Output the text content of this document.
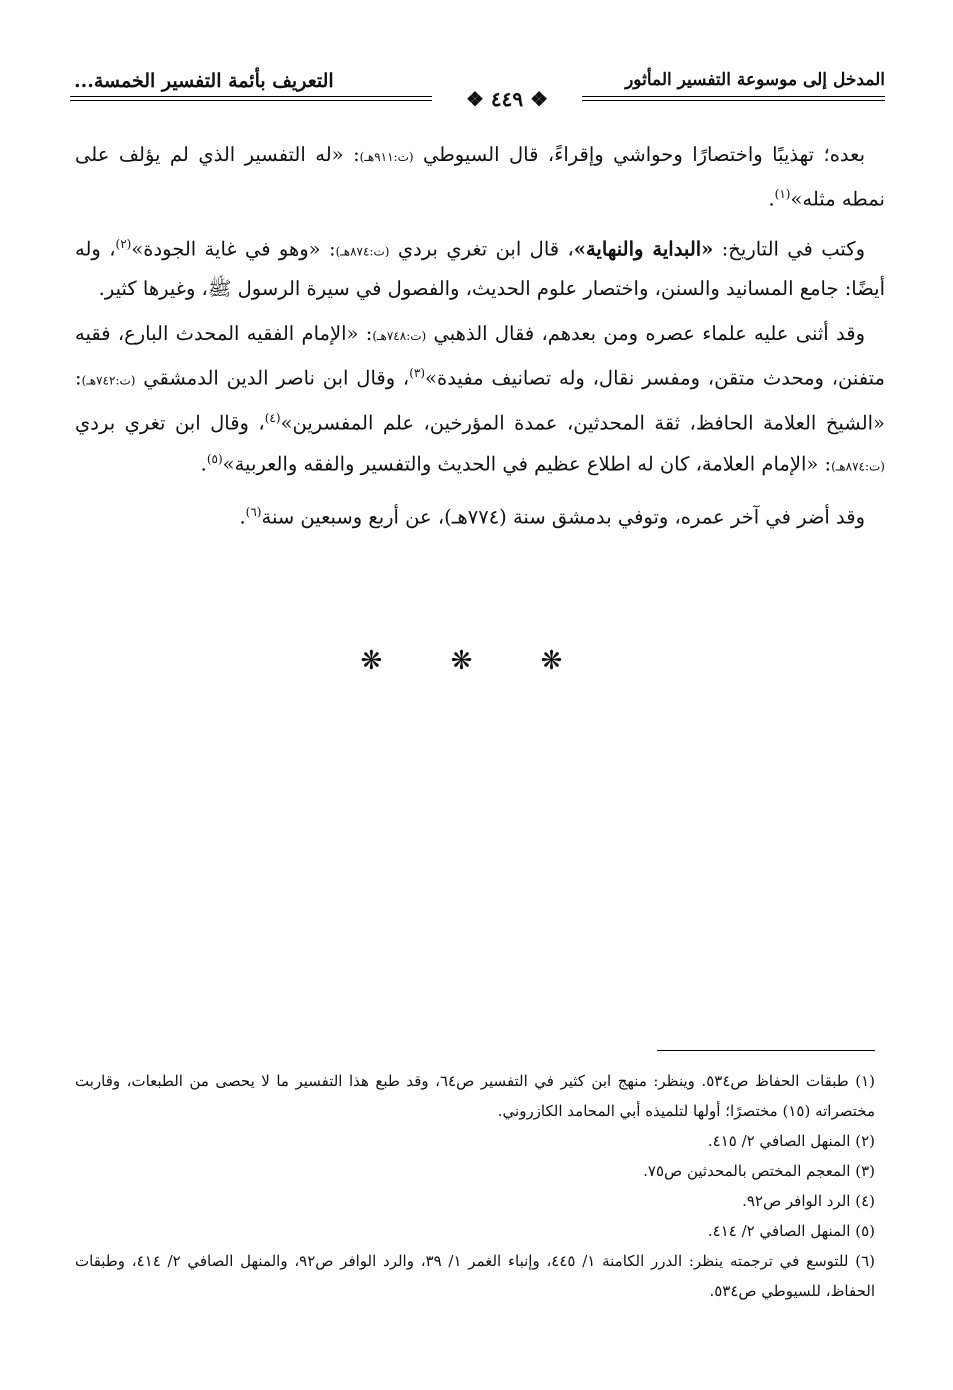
المدخل إلى موسوعة التفسير المأثور
التعريف بأئمة التفسير الخمسة...
❖ ٤٤٩ ❖

بعده؛ تهذيبًا واختصارًا وحواشي وإقراءً، قال السيوطي (ت:٩١١هـ): «له التفسير الذي لم يؤلف على نمطه مثله»$^{(١)}$.

وكتب في التاريخ: «البداية والنهاية»، قال ابن تغري بردي (ت:٨٧٤هـ): «وهو في غاية الجودة»$^{(٢)}$، وله أيضًا: جامع المسانيد والسنن، واختصار علوم الحديث، والفصول في سيرة الرسول ﷺ، وغيرها كثير.

وقد أثنى عليه علماء عصره ومن بعدهم، فقال الذهبي (ت:٧٤٨هـ): «الإمام الفقيه المحدث البارع، فقيه متفنن، ومحدث متقن، ومفسر نقال، وله تصانيف مفيدة»$^{(٣)}$، وقال ابن ناصر الدين الدمشقي (ت:٧٤٢هـ): «الشيخ العلامة الحافظ، ثقة المحدثين، عمدة المؤرخين، علم المفسرين»$^{(٤)}$، وقال ابن تغري بردي (ت:٨٧٤هـ): «الإمام العلامة، كان له اطلاع عظيم في الحديث والتفسير والفقه والعربية»$^{(٥)}$.

وقد أضر في آخر عمره، وتوفي بدمشق سنة (٧٧٤هـ)، عن أربع وسبعين سنة$^{(٦)}$.

❋ ❋ ❋

(١) طبقات الحفاظ ص٥٣٤. وينظر: منهج ابن كثير في التفسير ص٦٤، وقد طبع هذا التفسير ما لا يحصى من الطبعات، وقاربت مختصراته (١٥) مختصرًا؛ أولها لتلميذه أبي المحامد الكازروني.

(٢) المنهل الصافي ٢/ ٤١٥.

(٣) المعجم المختص بالمحدثين ص٧٥.

(٤) الرد الوافر ص٩٢.

(٥) المنهل الصافي ٢/ ٤١٤.

(٦) للتوسع في ترجمته ينظر: الدرر الكامنة ١/ ٤٤٥، وإنباء الغمر ١/ ٣٩، والرد الوافر ص٩٢، والمنهل الصافي ٢/ ٤١٤، وطبقات الحفاظ، للسيوطي ص٥٣٤.
